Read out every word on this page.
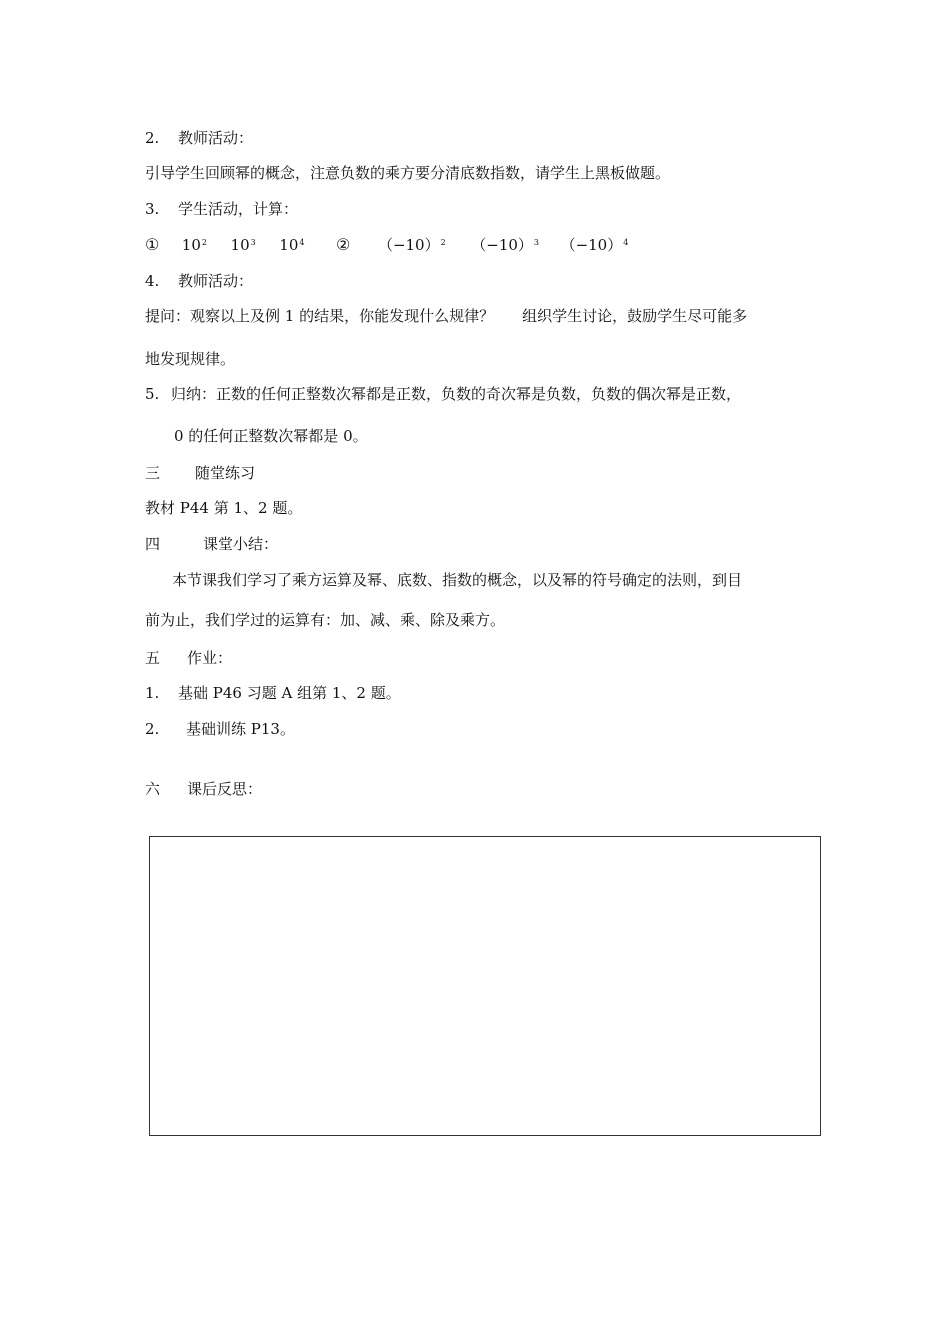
2. 教师活动：
引导学生回顾幂的概念，注意负数的乘方要分清底数指数，请学生上黑板做题。
3. 学生活动，计算：
① $10^2$ $10^3$ $10^4$ ② $(-10)^2$ $(-10)^3$ $(-10)^4$
4. 教师活动：
提问：观察以上及例 1 的结果，你能发现什么规律？ 组织学生讨论，鼓励学生尽可能多
地发现规律。
5. 归纳：正数的任何正整数次幂都是正数，负数的奇次幂是负数，负数的偶次幂是正数，
0 的任何正整数次幂都是 0。
三 随堂练习
教材 P44 第 1、2 题。
四	课堂小结：
本节课我们学习了乘方运算及幂、底数、指数的概念，以及幂的符号确定的法则，到目
前为止，我们学过的运算有：加、减、乘、除及乘方。
五 作业：
1. 基础 P46 习题 A 组第 1、2 题。
2. 基础训练 P13。
六 课后反思：
